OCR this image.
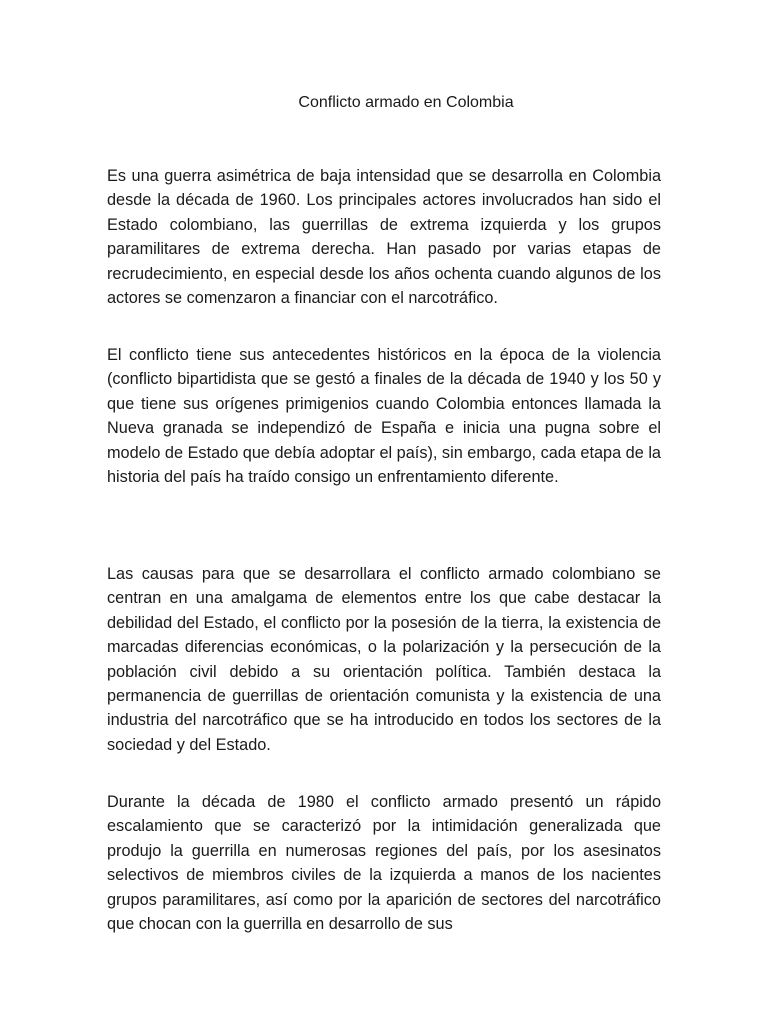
Conflicto armado en Colombia

Es una guerra asimétrica de baja intensidad que se desarrolla en Colombia desde la década de 1960. Los principales actores involucrados han sido el Estado colombiano, las guerrillas de extrema izquierda y los grupos paramilitares de extrema derecha. Han pasado por varias etapas de recrudecimiento, en especial desde los años ochenta cuando algunos de los actores se comenzaron a financiar con el narcotráfico.

El conflicto tiene sus antecedentes históricos en la época de la violencia (conflicto bipartidista que se gestó a finales de la década de 1940 y los 50 y que tiene sus orígenes primigenios cuando Colombia entonces llamada la Nueva granada se independizó de España e inicia una pugna sobre el modelo de Estado que debía adoptar el país), sin embargo, cada etapa de la historia del país ha traído consigo un enfrentamiento diferente.

Las causas para que se desarrollara el conflicto armado colombiano se centran en una amalgama de elementos entre los que cabe destacar la debilidad del Estado, el conflicto por la posesión de la tierra, la existencia de marcadas diferencias económicas, o la polarización y la persecución de la población civil debido a su orientación política. También destaca la permanencia de guerrillas de orientación comunista y la existencia de una industria del narcotráfico que se ha introducido en todos los sectores de la sociedad y del Estado.

Durante la década de 1980 el conflicto armado presentó un rápido escalamiento que se caracterizó por la intimidación generalizada que produjo la guerrilla en numerosas regiones del país, por los asesinatos selectivos de miembros civiles de la izquierda a manos de los nacientes grupos paramilitares, así como por la aparición de sectores del narcotráfico que chocan con la guerrilla en desarrollo de sus
